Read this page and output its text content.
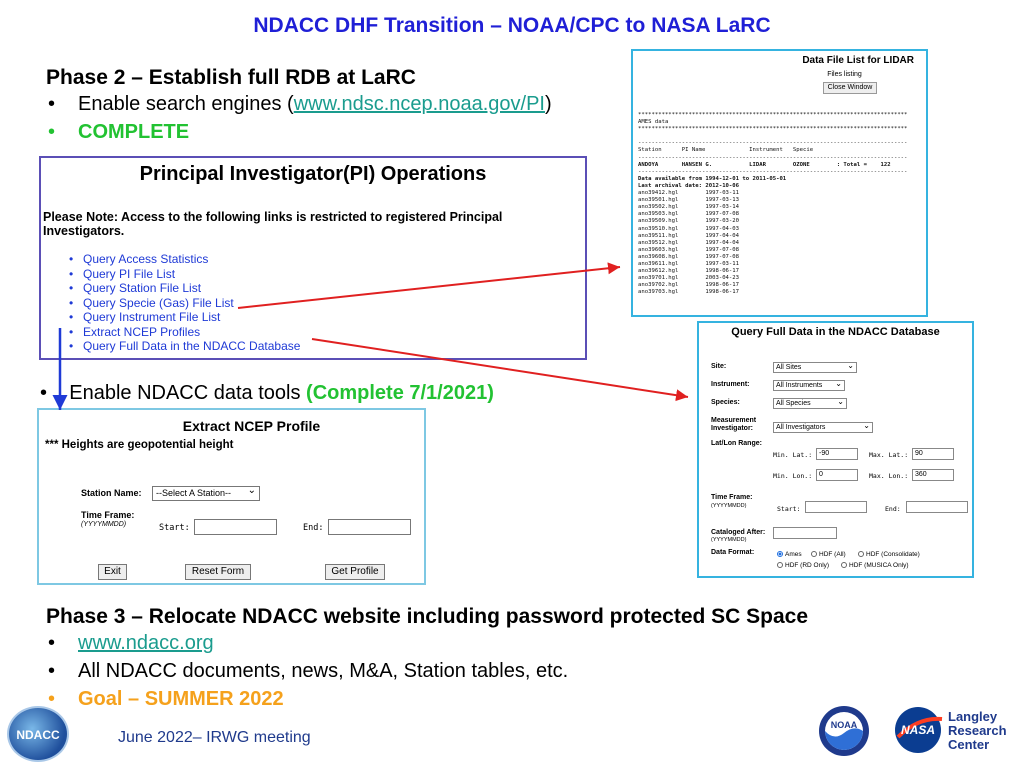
NDACC DHF Transition – NOAA/CPC to NASA LaRC
Phase 2 – Establish full RDB at LaRC
• Enable search engines (www.ndsc.ncep.noaa.gov/PI)
• COMPLETE
Principal Investigator(PI) Operations
Please Note: Access to the following links is restricted to registered Principal Investigators.
• Query Access Statistics
• Query PI File List
• Query Station File List
• Query Specie (Gas) File List
• Query Instrument File List
• Extract NCEP Profiles
• Query Full Data in the NDACC Database
Data File List for LIDAR
Files listing
Close Window
********************************************************************************
AMES data
********************************************************************************

--------------------------------------------------------------------------------
Station      PI Name             Instrument   Specie
--------------------------------------------------------------------------------
ANDOYA       HANSEN G.           LIDAR        OZONE        : Total =    122
--------------------------------------------------------------------------------
Data available from 1994-12-01 to 2011-05-01
Last archival date: 2012-10-06
ano39412.hgl        1997-03-11
ano39501.hgl        1997-03-13
ano39502.hgl        1997-03-14
ano39503.hgl        1997-07-08
ano39509.hgl        1997-03-20
ano39510.hgl        1997-04-03
ano39511.hgl        1997-04-04
ano39512.hgl        1997-04-04
ano39603.hgl        1997-07-08
ano39608.hgl        1997-07-08
ano39611.hgl        1997-03-11
ano39612.hgl        1998-06-17
ano39701.hgl        2003-04-23
ano39702.hgl        1998-06-17
ano39703.hgl        1998-06-17
Query Full Data in the NDACC Database
Site:	All Sites ⌄
Instrument:	All Instruments ⌄
Species:	All Species ⌄
Measurement
Investigator:	All Investigators ⌄
Lat/Lon Range:
Min. Lat.: -90	Max. Lat.: 90
Min. Lon.: 0	Max. Lon.: 360
Time Frame:
(YYYYMMDD)	Start:	End:
Cataloged After:
(YYYYMMDD)
Data Format:	Ames	HDF (All)	HDF (Consolidate)
HDF (RD Only)	HDF (MUSICA Only)
•    Enable NDACC data tools (Complete 7/1/2021)
Extract NCEP Profile
*** Heights are geopotential height
Station Name:	--Select A Station-- ⌄
Time Frame:
(YYYYMMDD)	Start:	End:
Exit	Reset Form	Get Profile
Phase 3 – Relocate NDACC website including password protected SC Space
• www.ndacc.org
• All NDACC documents, news, M&A, Station tables, etc.
• Goal – SUMMER 2022
June 2022– IRWG meeting
NDACC
NOAA	NASA
Langley
Research
Center
